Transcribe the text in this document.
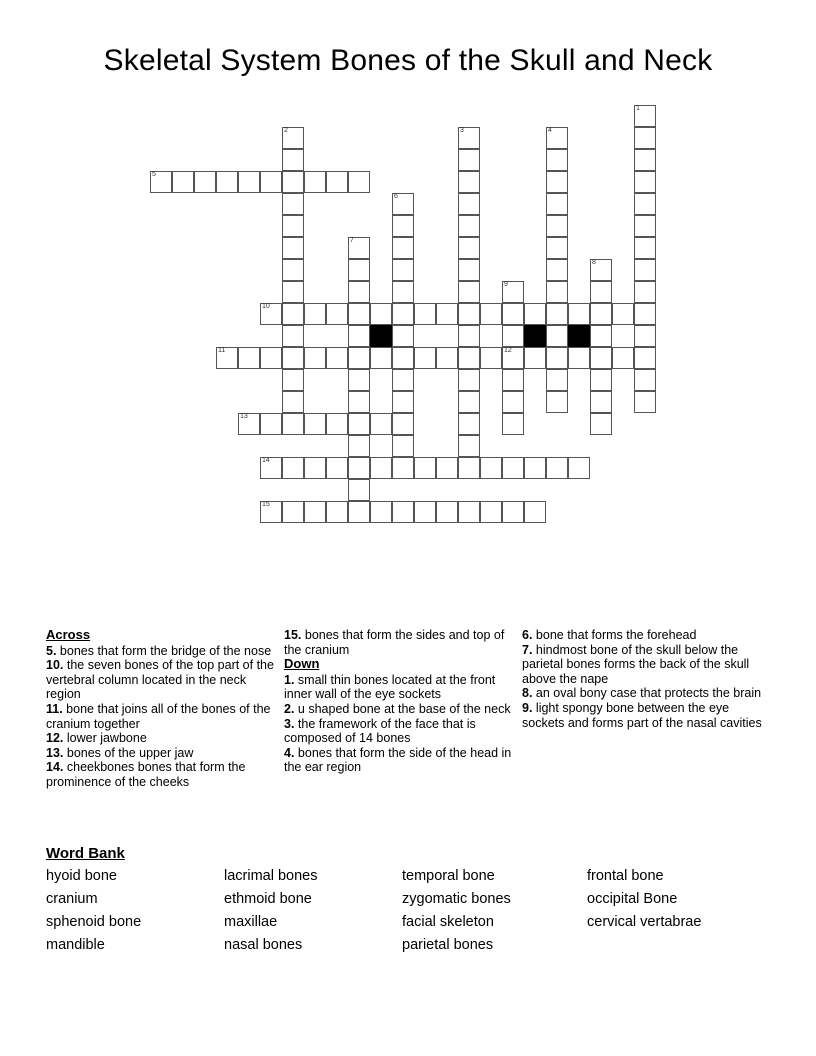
Skeletal System Bones of the Skull and Neck
1
2	3	4
5
6
7
8
9
12
10
11
13
14
15
Across
5. bones that form the bridge of the nose
10. the seven bones of the top part of the vertebral column located in the neck region
11. bone that joins all of the bones of the cranium together
12. lower jawbone
13. bones of the upper jaw
14. cheekbones bones that form the prominence of the cheeks
15. bones that form the sides and top of the cranium
Down
1. small thin bones located at the front inner wall of the eye sockets
2. u shaped bone at the base of the neck
3. the framework of the face that is composed of 14 bones
4. bones that form the side of the head in the ear region
6. bone that forms the forehead
7. hindmost bone of the skull below the parietal bones forms the back of the skull above the nape
8. an oval bony case that protects the brain
9. light spongy bone between the eye sockets and forms part of the nasal cavities
Word Bank
hyoid bone	lacrimal bones	temporal bone	frontal bone
cranium	ethmoid bone	zygomatic bones	occipital Bone
sphenoid bone	maxillae	facial skeleton	cervical vertabrae
mandible	nasal bones	parietal bones
